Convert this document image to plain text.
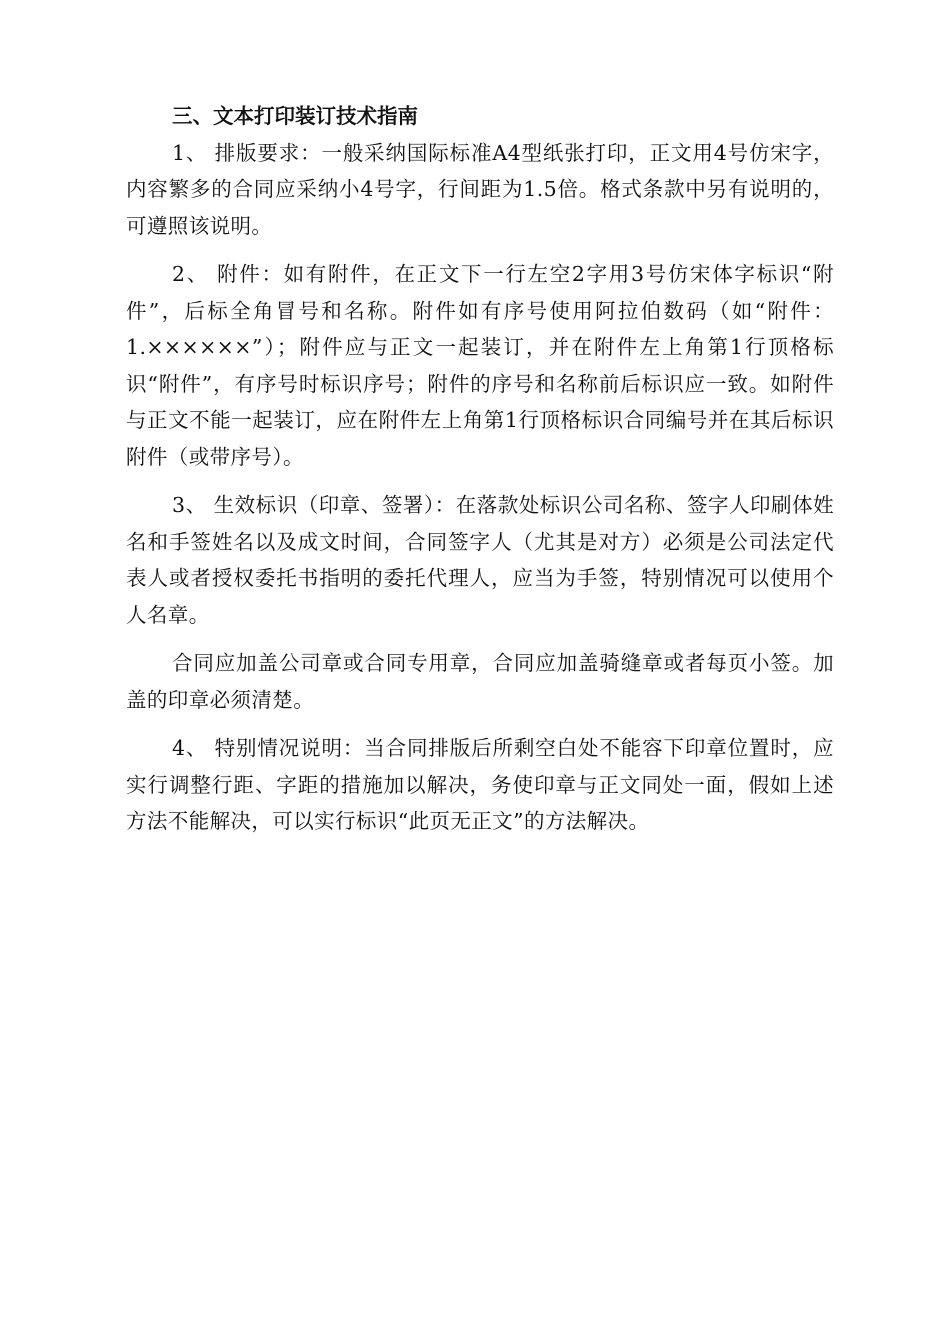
三、文本打印装订技术指南

1、 排版要求：一般采纳国际标准A4型纸张打印，正文用4号仿宋字，内容繁多的合同应采纳小4号字，行间距为1.5倍。格式条款中另有说明的，可遵照该说明。

2、 附件：如有附件，在正文下一行左空2字用3号仿宋体字标识“附件”，后标全角冒号和名称。附件如有序号使用阿拉伯数码（如“附件：1.××××××”）；附件应与正文一起装订，并在附件左上角第1行顶格标识“附件”，有序号时标识序号；附件的序号和名称前后标识应一致。如附件与正文不能一起装订，应在附件左上角第1行顶格标识合同编号并在其后标识附件（或带序号）。

3、 生效标识（印章、签署）：在落款处标识公司名称、签字人印刷体姓名和手签姓名以及成文时间，合同签字人（尤其是对方）必须是公司法定代表人或者授权委托书指明的委托代理人，应当为手签，特别情况可以使用个人名章。

合同应加盖公司章或合同专用章，合同应加盖骑缝章或者每页小签。加盖的印章必须清楚。

4、 特别情况说明：当合同排版后所剩空白处不能容下印章位置时，应实行调整行距、字距的措施加以解决，务使印章与正文同处一面，假如上述方法不能解决，可以实行标识“此页无正文”的方法解决。
